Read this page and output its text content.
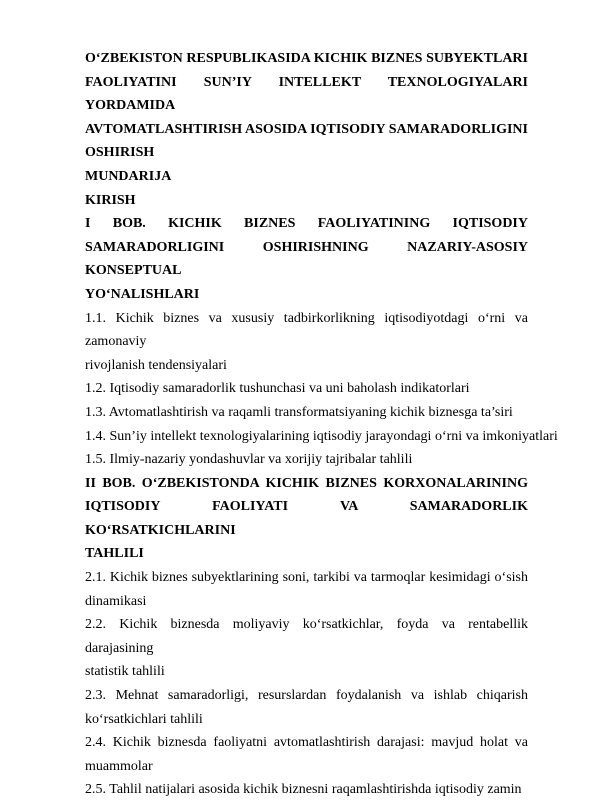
O‘ZBEKISTON RESPUBLIKASIDA KICHIK BIZNES SUBYEKTLARI
FAOLIYATINI SUN’IY INTELLEKT TEXNOLOGIYALARI YORDAMIDA
AVTOMATLASHTIRISH ASOSIDA IQTISODIY SAMARADORLIGINI
OSHIRISH
MUNDARIJA
KIRISH
I BOB. KICHIK BIZNES FAOLIYATINING IQTISODIY
SAMARADORLIGINI OSHIRISHNING NAZARIY-ASOSIY KONSEPTUAL
YO‘NALISHLARI
1.1. Kichik biznes va xususiy tadbirkorlikning iqtisodiyotdagi o‘rni va zamonaviy
rivojlanish tendensiyalari
1.2. Iqtisodiy samaradorlik tushunchasi va uni baholash indikatorlari
1.3. Avtomatlashtirish va raqamli transformatsiyaning kichik biznesga ta’siri
1.4. Sun’iy intellekt texnologiyalarining iqtisodiy jarayondagi o‘rni va imkoniyatlari
1.5. Ilmiy-nazariy yondashuvlar va xorijiy tajribalar tahlili
II BOB. O‘ZBEKISTONDA KICHIK BIZNES KORXONALARINING
IQTISODIY FAOLIYATI VA SAMARADORLIK KO‘RSATKICHLARINI
TAHLILI
2.1. Kichik biznes subyektlarining soni, tarkibi va tarmoqlar kesimidagi o‘sish
dinamikasi
2.2. Kichik biznesda moliyaviy ko‘rsatkichlar, foyda va rentabellik darajasining
statistik tahlili
2.3. Mehnat samaradorligi, resurslardan foydalanish va ishlab chiqarish
ko‘rsatkichlari tahlili
2.4. Kichik biznesda faoliyatni avtomatlashtirish darajasi: mavjud holat va
muammolar
2.5. Tahlil natijalari asosida kichik biznesni raqamlashtirishda iqtisodiy zamin
